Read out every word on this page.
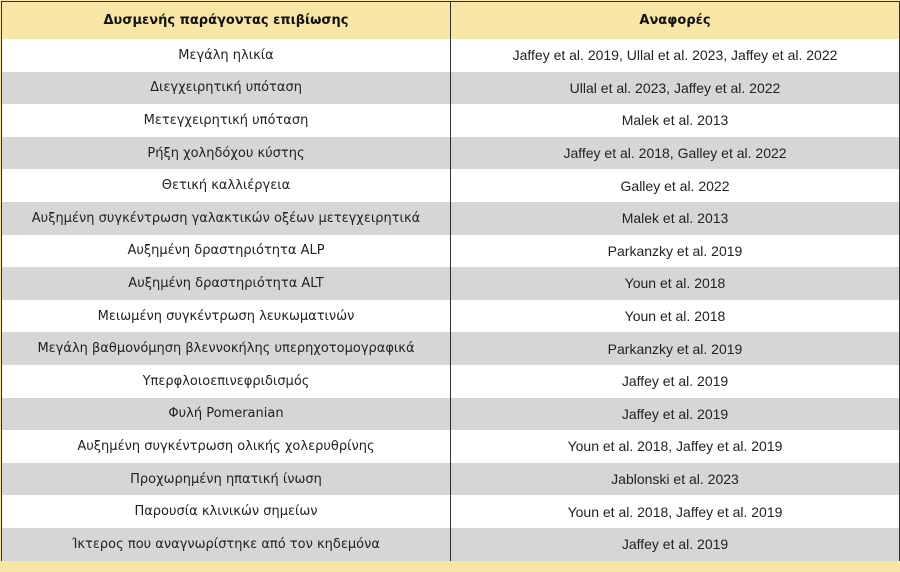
Δυσμενής παράγοντας επιβίωσης	Αναφορές
Μεγάλη ηλικία	Jaffey et al. 2019, Ullal et al. 2023, Jaffey et al. 2022
Διεγχειρητική υπόταση	Ullal et al. 2023, Jaffey et al. 2022
Μετεγχειρητική υπόταση	Malek et al. 2013
Ρήξη χοληδόχου κύστης	Jaffey et al. 2018, Galley et al. 2022
Θετική καλλιέργεια	Galley et al. 2022
Αυξημένη συγκέντρωση γαλακτικών οξέων μετεγχειρητικά	Malek et al. 2013
Αυξημένη δραστηριότητα ALP	Parkanzky et al. 2019
Αυξημένη δραστηριότητα ALT	Youn et al. 2018
Μειωμένη συγκέντρωση λευκωματινών	Youn et al. 2018
Μεγάλη βαθμονόμηση βλεννοκήλης υπερηχοτομογραφικά	Parkanzky et al. 2019
Υπερφλοιοεπινεφριδισμός	Jaffey et al. 2019
Φυλή Pomeranian	Jaffey et al. 2019
Αυξημένη συγκέντρωση ολικής χολερυθρίνης	Youn et al. 2018, Jaffey et al. 2019
Προχωρημένη ηπατική ίνωση	Jablonski et al. 2023
Παρουσία κλινικών σημείων	Youn et al. 2018, Jaffey et al. 2019
Ίκτερος που αναγνωρίστηκε από τον κηδεμόνα	Jaffey et al. 2019
